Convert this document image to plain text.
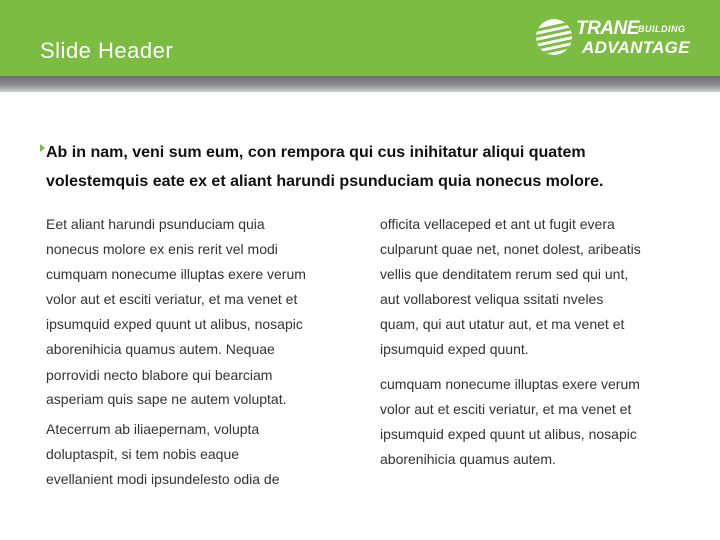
Slide Header
TRANE BUILDING
ADVANTAGE
Ab in nam, veni sum eum, con rempora qui cus inihitatur aliqui quatem
volestemquis eate ex et aliant harundi psunduciam quia nonecus molore.
Eet aliant harundi psunduciam quia
nonecus molore ex enis rerit vel modi
cumquam nonecume illuptas exere verum
volor aut et esciti veriatur, et ma venet et
ipsumquid exped quunt ut alibus, nosapic
aborenihicia quamus autem. Nequae
porrovidi necto blabore qui bearciam
asperiam quis sape ne autem voluptat.
Atecerrum ab iliaepernam, volupta
doluptaspit, si tem nobis eaque
evellanient modi ipsundelesto odia de
officita vellaceped et ant ut fugit evera
culparunt quae net, nonet dolest, aribeatis
vellis que denditatem rerum sed qui unt,
aut vollaborest veliqua ssitati nveles
quam, qui aut utatur aut, et ma venet et
ipsumquid exped quunt.
cumquam nonecume illuptas exere verum
volor aut et esciti veriatur, et ma venet et
ipsumquid exped quunt ut alibus, nosapic
aborenihicia quamus autem.
